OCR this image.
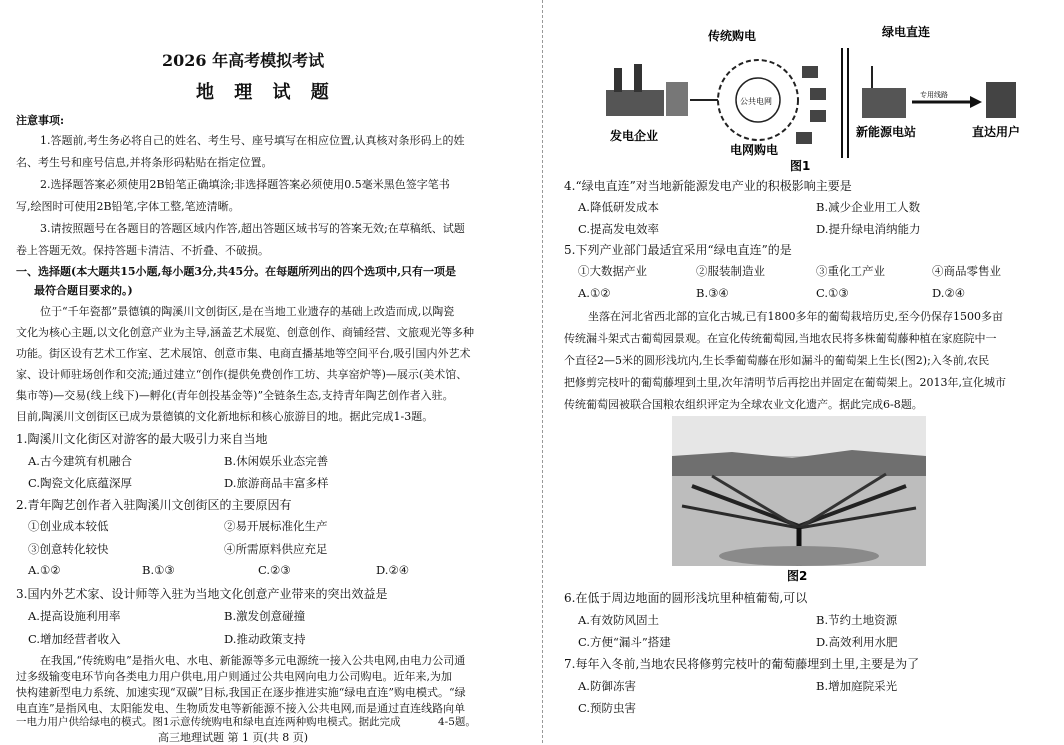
2026 年高考模拟考试
地 理 试 题
注意事项:
1.答题前,考生务必将自己的姓名、考生号、座号填写在相应位置,认真核对条形码上的姓
名、考生号和座号信息,并将条形码粘贴在指定位置。
2.选择题答案必须使用2B铅笔正确填涂;非选择题答案必须使用0.5毫米黑色签字笔书
写,绘图时可使用2B铅笔,字体工整,笔迹清晰。
3.请按照题号在各题目的答题区域内作答,超出答题区域书写的答案无效;在草稿纸、试题
卷上答题无效。保持答题卡清洁、不折叠、不破损。
一、选择题(本大题共15小题,每小题3分,共45分。在每题所列出的四个选项中,只有一项是
最符合题目要求的。)
位于“千年瓷都”景德镇的陶溪川文创街区,是在当地工业遗存的基础上改造而成,以陶瓷
文化为核心主题,以文化创意产业为主导,涵盖艺术展览、创意创作、商铺经营、文旅观光等多种
功能。街区设有艺术工作室、艺术展馆、创意市集、电商直播基地等空间平台,吸引国内外艺术
家、设计师驻场创作和交流;通过建立“创作(提供免费创作工坊、共享窑炉等)—展示(美术馆、
集市等)—交易(线上线下)—孵化(青年创投基金等)”全链条生态,支持青年陶艺创作者入驻。
目前,陶溪川文创街区已成为景德镇的文化新地标和核心旅游目的地。据此完成1-3题。
1.陶溪川文化街区对游客的最大吸引力来自当地
A.古今建筑有机融合	B.休闲娱乐业态完善
C.陶瓷文化底蕴深厚	D.旅游商品丰富多样
2.青年陶艺创作者入驻陶溪川文创街区的主要原因有
①创业成本较低	②易开展标准化生产
③创意转化较快	④所需原料供应充足
A.①②	B.①③	C.②③	D.②④
3.国内外艺术家、设计师等入驻为当地文化创意产业带来的突出效益是
A.提高设施利用率	B.激发创意碰撞
C.增加经营者收入	D.推动政策支持
在我国,“传统购电”是指火电、水电、新能源等多元电源统一接入公共电网,由电力公司通
过多级输变电环节向各类电力用户供电,用户则通过公共电网向电力公司购电。近年来,为加
快构建新型电力系统、加速实现“双碳”目标,我国正在逐步推进实施“绿电直连”购电模式。“绿
传统购电	绿电直连
公共电网
专用线路
发电企业
电网购电
新能源电站	直达用户
图1
4.“绿电直连”对当地新能源发电产业的积极影响主要是
A.降低研发成本	B.减少企业用工人数
C.提高发电效率	D.提升绿电消纳能力
5.下列产业部门最适宜采用“绿电直连”的是
①大数据产业	②服装制造业	③重化工产业	④商品零售业
A.①②	B.③④	C.①③	D.②④
坐落在河北省西北部的宣化古城,已有1800多年的葡萄栽培历史,至今仍保存1500多亩
传统漏斗架式古葡萄园景观。在宣化传统葡萄园,当地农民将多株葡萄藤种植在家庭院中一
个直径2—5米的圆形浅坑内,生长季葡萄藤在形如漏斗的葡萄架上生长(图2);入冬前,农民
把修剪完枝叶的葡萄藤埋到土里,次年清明节后再挖出并固定在葡萄架上。2013年,宣化城市
传统葡萄园被联合国粮农组织评定为全球农业文化遗产。据此完成6-8题。
图2
6.在低于周边地面的圆形浅坑里种植葡萄,可以
A.有效防风固土	B.节约土地资源
C.方便“漏斗”搭建	D.高效利用水肥
7.每年入冬前,当地农民将修剪完枝叶的葡萄藤埋到土里,主要是为了
A.防御冻害	B.增加庭院采光
C.预防虫害
电直连”是指风电、太阳能发电、生物质发电等新能源不接入公共电网,而是通过直连线路向单
一电力用户供给绿电的模式。图1示意传统购电和绿电直连两种购电模式。据此完成	4-5题。
高三地理试题 第 1 页(共 8 页)
